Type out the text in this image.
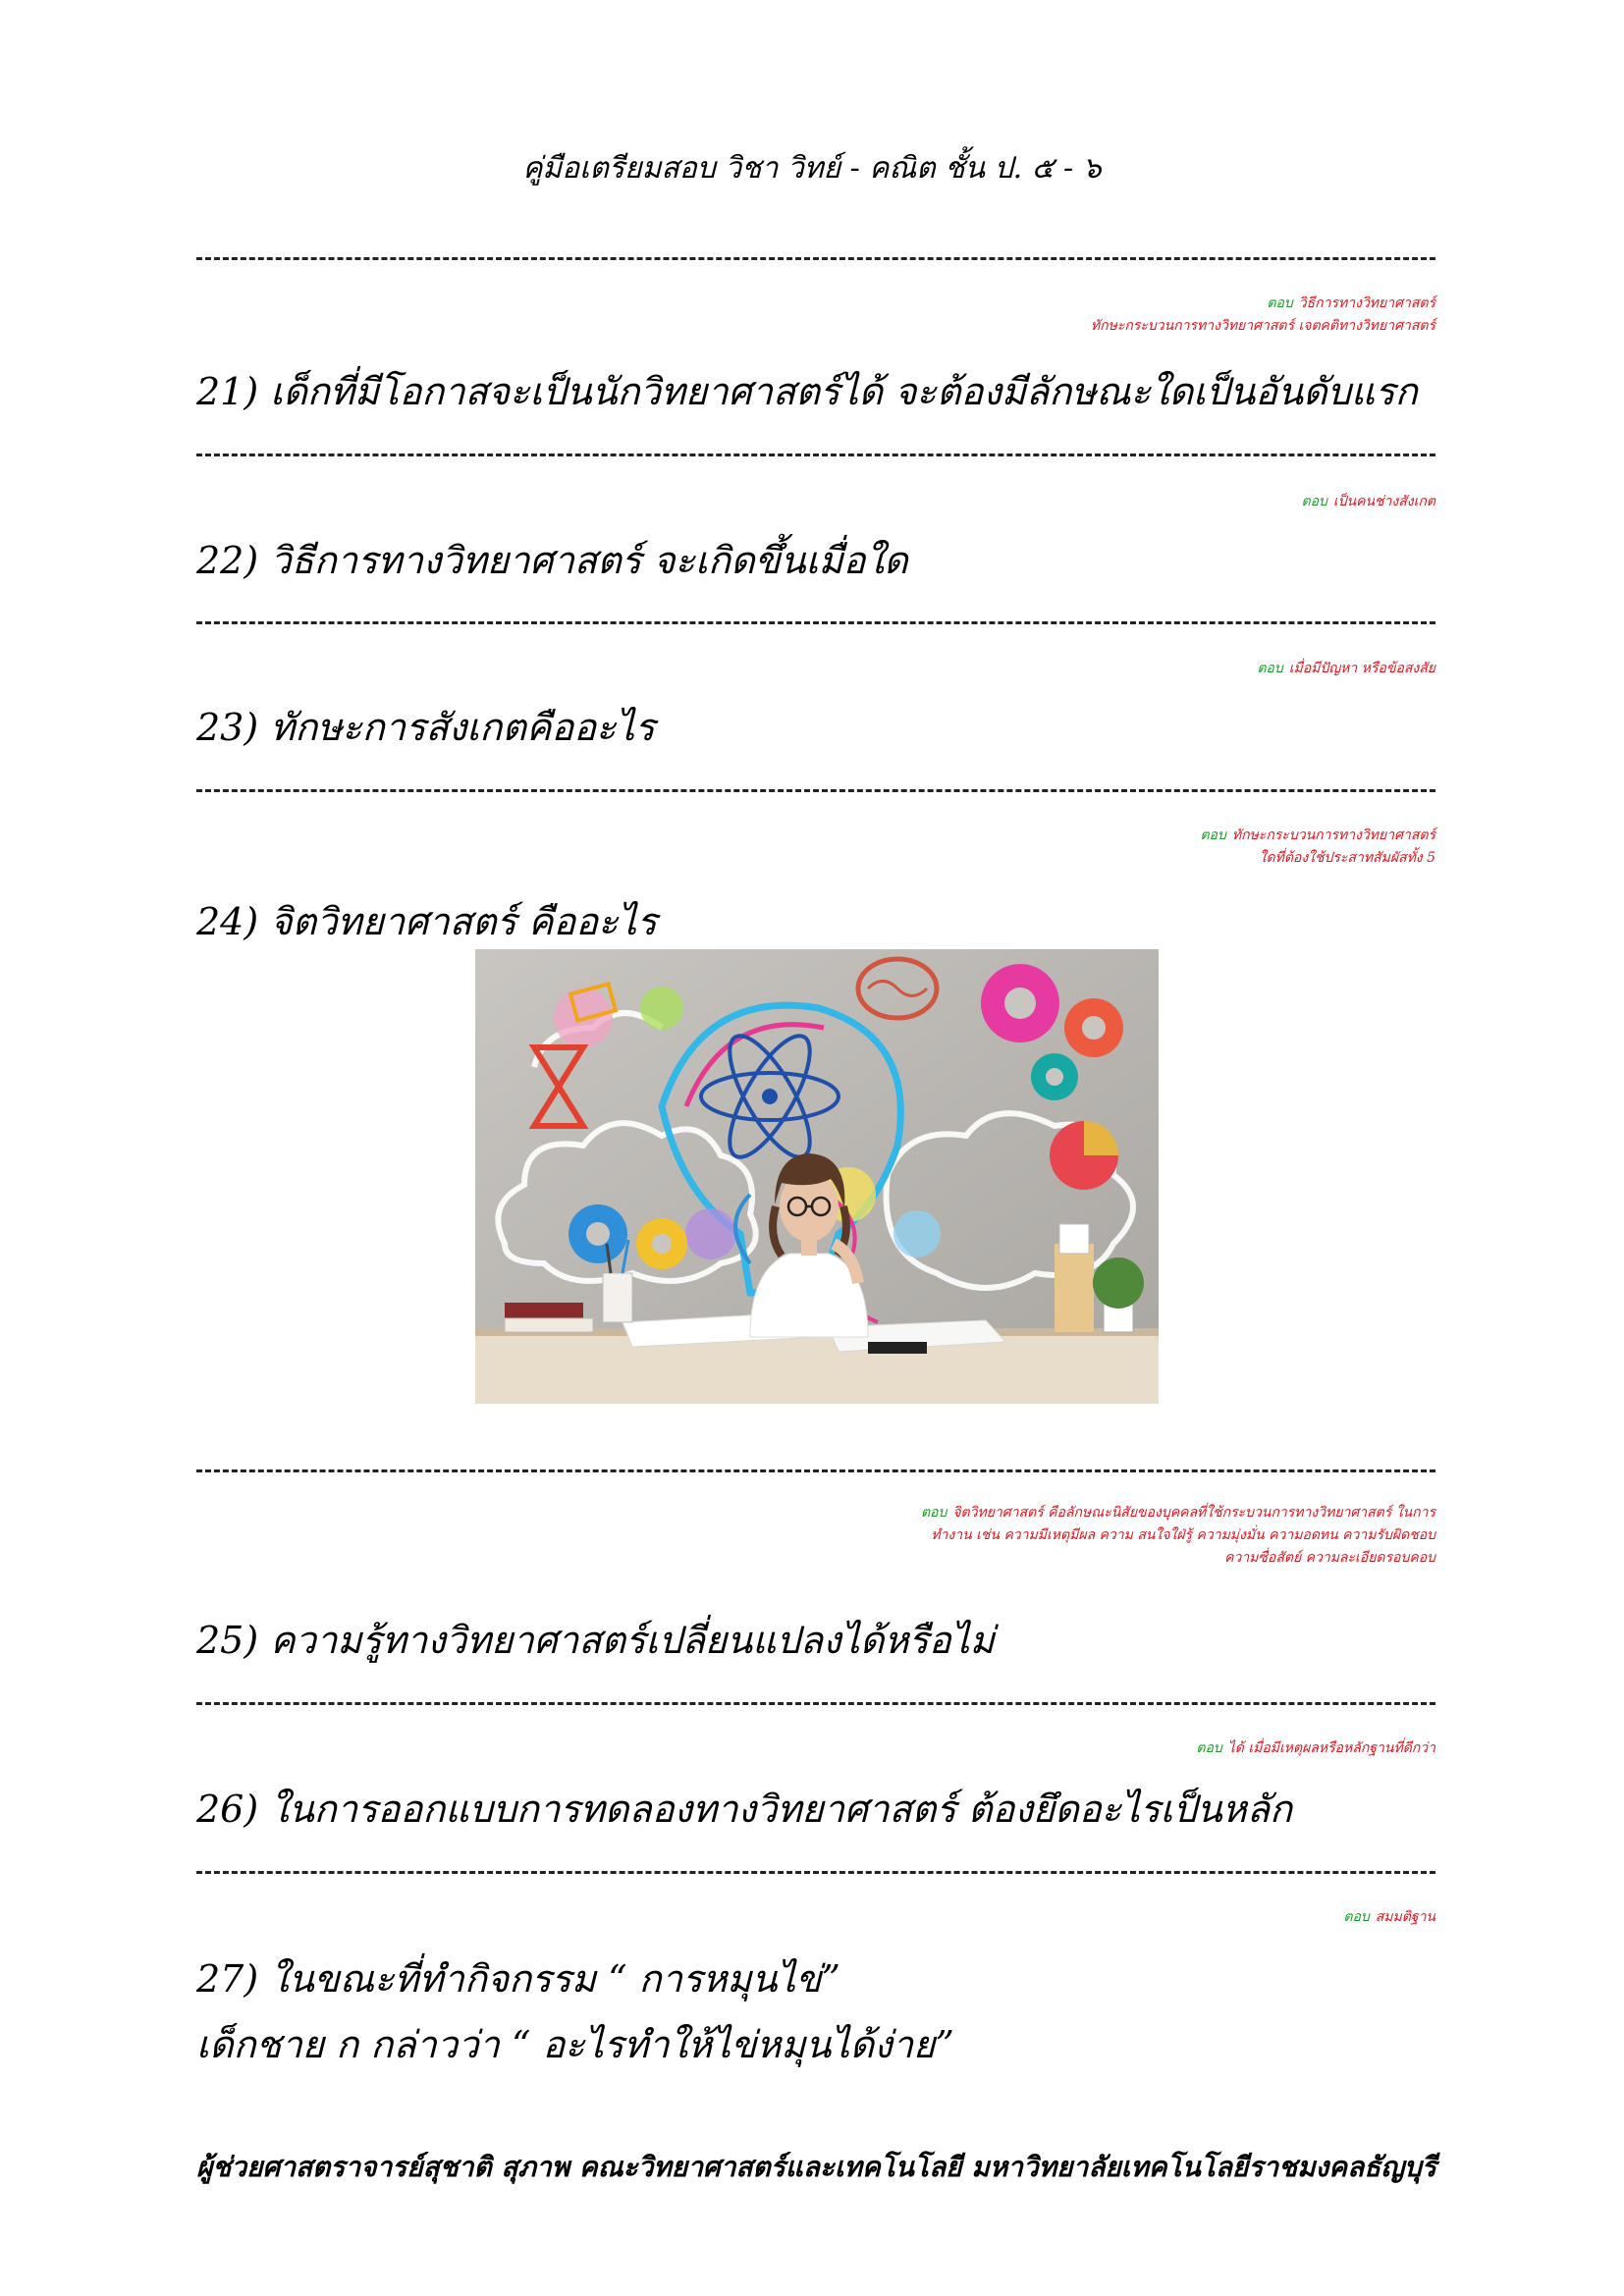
คู่มือเตรียมสอบ วิชา วิทย์ - คณิต ชั้น ป. ๕ - ๖
ตอบ วิธีการทางวิทยาศาสตร์
ทักษะกระบวนการทางวิทยาศาสตร์ เจตคติทางวิทยาศาสตร์
21) เด็กที่มีโอกาสจะเป็นนักวิทยาศาสตร์ได้ จะต้องมีลักษณะใดเป็นอันดับแรก
ตอบ เป็นคนช่างสังเกต
22) วิธีการทางวิทยาศาสตร์ จะเกิดขึ้นเมื่อใด
ตอบ เมื่อมีปัญหา หรือข้อสงสัย
23) ทักษะการสังเกตคืออะไร
ตอบ ทักษะกระบวนการทางวิทยาศาสตร์
ใดที่ต้องใช้ประสาทสัมผัสทั้ง 5
24) จิตวิทยาศาสตร์ คืออะไร
ตอบ จิตวิทยาศาสตร์ คือลักษณะนิสัยของบุคคลที่ใช้กระบวนการทางวิทยาศาสตร์ ในการ
ทำงาน เช่น ความมีเหตุมีผล ความ สนใจใฝ่รู้ ความมุ่งมั่น ความอดทน ความรับผิดชอบ
ความซื่อสัตย์ ความละเอียดรอบคอบ
25) ความรู้ทางวิทยาศาสตร์เปลี่ยนแปลงได้หรือไม่
ตอบ ได้ เมื่อมีเหตุผลหรือหลักฐานที่ดีกว่า
26) ในการออกแบบการทดลองทางวิทยาศาสตร์ ต้องยึดอะไรเป็นหลัก
ตอบ สมมติฐาน
27) ในขณะที่ทำกิจกรรม “ การหมุนไข่”
เด็กชาย ก กล่าวว่า “ อะไรทำให้ไข่หมุนได้ง่าย”
ผู้ช่วยศาสตราจารย์สุชาติ สุภาพ คณะวิทยาศาสตร์และเทคโนโลยี มหาวิทยาลัยเทคโนโลยีราชมงคลธัญบุรี
